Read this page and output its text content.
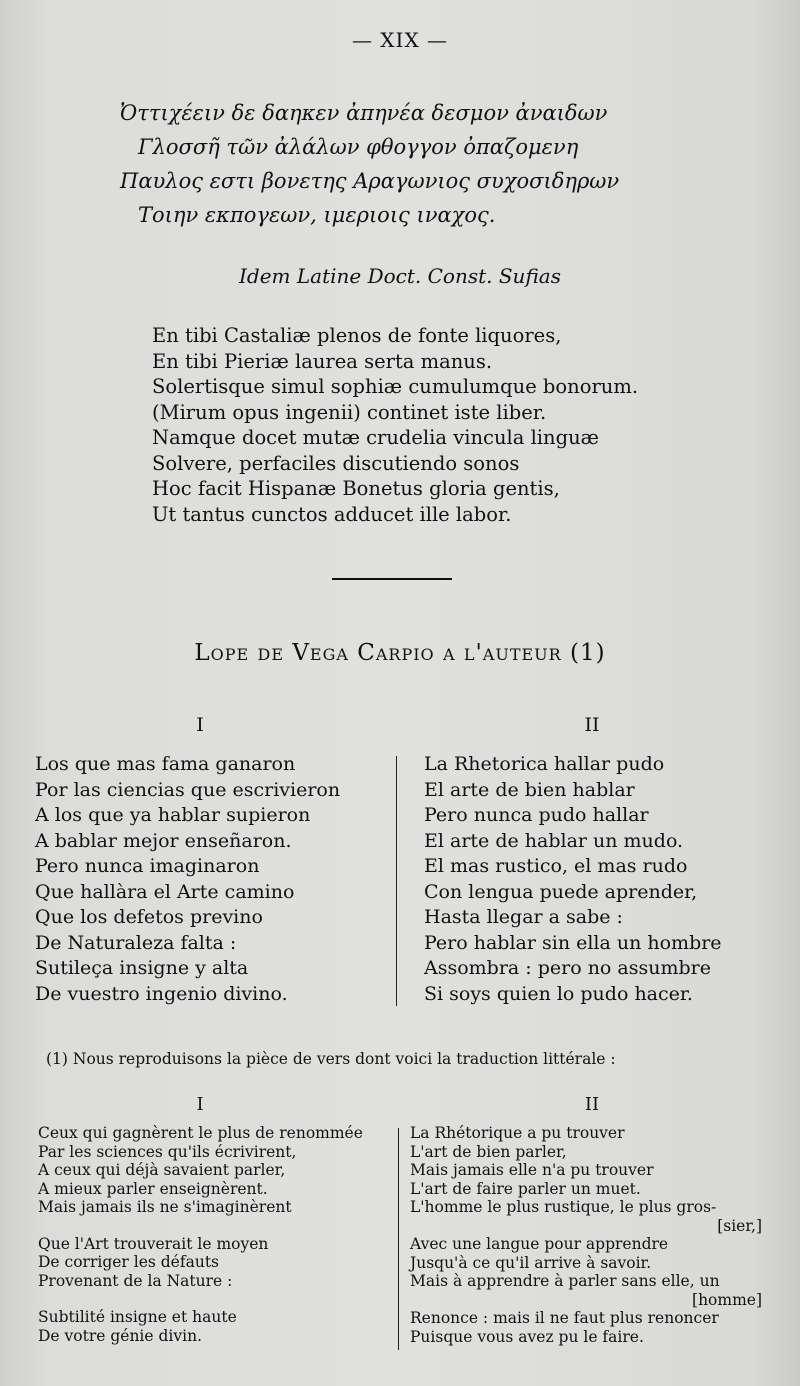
— XIX —

Ὀττιχέειν δε δαηκεν ἀπηνέα δεσμον ἀναιδων
Γλοσσῆ τῶν ἀλάλων φθογγον ὀπαζομενη
Παυλος εστι βονετης Αραγωνιος συχοσιδηρων
Τοιην εκπογεων, ιμεριοις ιναχος.

Idem Latine Doct. Const. Sufias

En tibi Castaliæ plenos de fonte liquores,
En tibi Pieriæ laurea serta manus.
Solertisque simul sophiæ cumulumque bonorum.
(Mirum opus ingenii) continet iste liber.
Namque docet mutæ crudelia vincula linguæ
Solvere, perfaciles discutiendo sonos
Hoc facit Hispanæ Bonetus gloria gentis,
Ut tantus cunctos adducet ille labor.

Lope de Vega Carpio a l'auteur (1)

I	II
Los que mas fama ganaron
Por las ciencias que escrivieron
A los que ya hablar supieron
A bablar mejor enseñaron.
Pero nunca imaginaron
Que hallàra el Arte camino
Que los defetos previno
De Naturaleza falta :
Sutileça insigne y alta
De vuestro ingenio divino.
La Rhetorica hallar pudo
El arte de bien hablar
Pero nunca pudo hallar
El arte de hablar un mudo.
El mas rustico, el mas rudo
Con lengua puede aprender,
Hasta llegar a sabe :
Pero hablar sin ella un hombre
Assombra : pero no assumbre
Si soys quien lo pudo hacer.

(1) Nous reproduisons la pièce de vers dont voici la traduction littérale :

I	II
Ceux qui gagnèrent le plus de renommée
Par les sciences qu'ils écrivirent,
A ceux qui déjà savaient parler,
A mieux parler enseignèrent.
Mais jamais ils ne s'imaginèrent
Que l'Art trouverait le moyen
De corriger les défauts
Provenant de la Nature :
Subtilité insigne et haute
De votre génie divin.
La Rhétorique a pu trouver
L'art de bien parler,
Mais jamais elle n'a pu trouver
L'art de faire parler un muet.
L'homme le plus rustique, le plus gros-
[sier,]
Avec une langue pour apprendre
Jusqu'à ce qu'il arrive à savoir.
Mais à apprendre à parler sans elle, un
[homme]
Renonce : mais il ne faut plus renoncer
Puisque vous avez pu le faire.
